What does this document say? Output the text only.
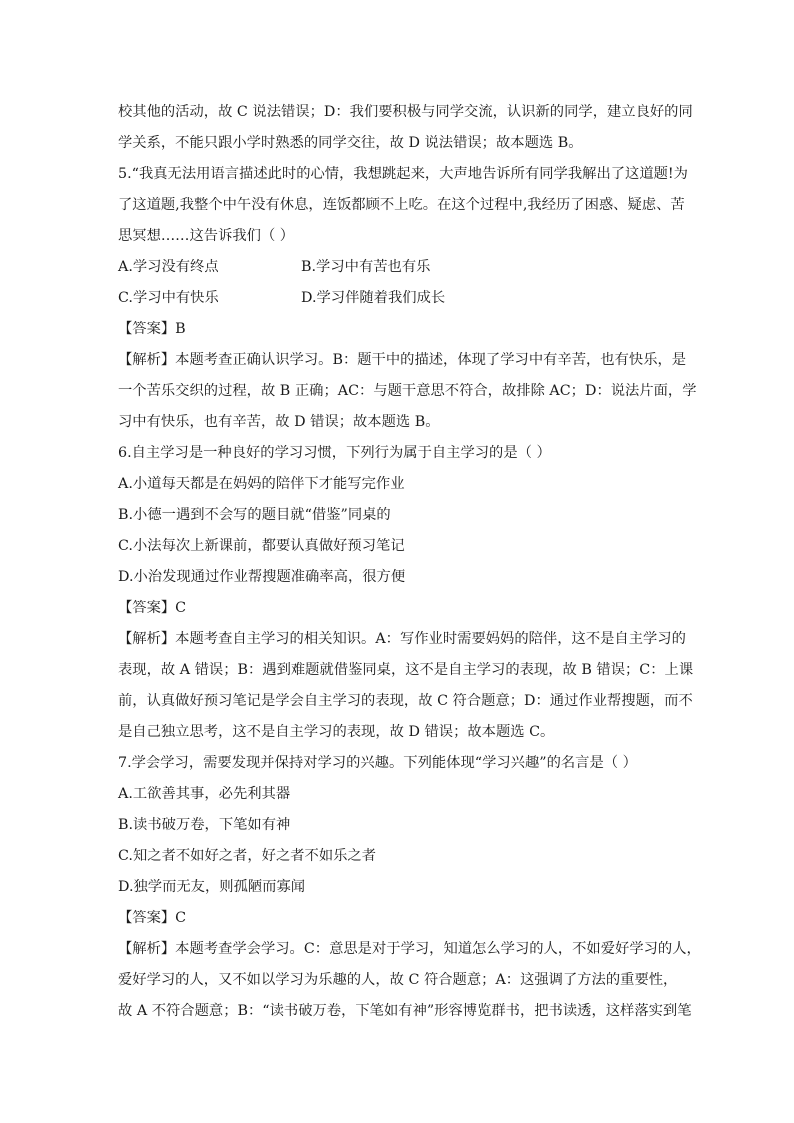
校其他的活动，故 C 说法错误；D：我们要积极与同学交流，认识新的同学，建立良好的同
学关系，不能只跟小学时熟悉的同学交往，故 D 说法错误；故本题选 B。
5.“我真无法用语言描述此时的心情，我想跳起来，大声地告诉所有同学我解出了这道题!为
了这道题,我整个中午没有休息，连饭都顾不上吃。在这个过程中,我经历了困惑、疑虑、苦
思冥想……这告诉我们（ ）
A.学习没有终点	B.学习中有苦也有乐
C.学习中有快乐	D.学习伴随着我们成长
【答案】B
【解析】本题考查正确认识学习。B：题干中的描述，体现了学习中有辛苦，也有快乐，是
一个苦乐交织的过程，故 B 正确；AC：与题干意思不符合，故排除 AC；D：说法片面，学
习中有快乐，也有辛苦，故 D 错误；故本题选 B。
6.自主学习是一种良好的学习习惯，下列行为属于自主学习的是（ ）
A.小道每天都是在妈妈的陪伴下才能写完作业
B.小德一遇到不会写的题目就“借鉴”同桌的
C.小法每次上新课前，都要认真做好预习笔记
D.小治发现通过作业帮搜题准确率高，很方便
【答案】C
【解析】本题考查自主学习的相关知识。A：写作业时需要妈妈的陪伴，这不是自主学习的
表现，故 A 错误；B：遇到难题就借鉴同桌，这不是自主学习的表现，故 B 错误；C：上课
前，认真做好预习笔记是学会自主学习的表现，故 C 符合题意；D：通过作业帮搜题，而不
是自己独立思考，这不是自主学习的表现，故 D 错误；故本题选 C。
7.学会学习，需要发现并保持对学习的兴趣。下列能体现“学习兴趣”的名言是（ ）
A.工欲善其事，必先利其器
B.读书破万卷，下笔如有神
C.知之者不如好之者，好之者不如乐之者
D.独学而无友，则孤陋而寡闻
【答案】C
【解析】本题考查学会学习。C：意思是对于学习，知道怎么学习的人，不如爱好学习的人，
爱好学习的人，又不如以学习为乐趣的人，故 C 符合题意；A：这强调了方法的重要性，
故 A 不符合题意；B：“读书破万卷，下笔如有神”形容博览群书，把书读透，这样落实到笔
